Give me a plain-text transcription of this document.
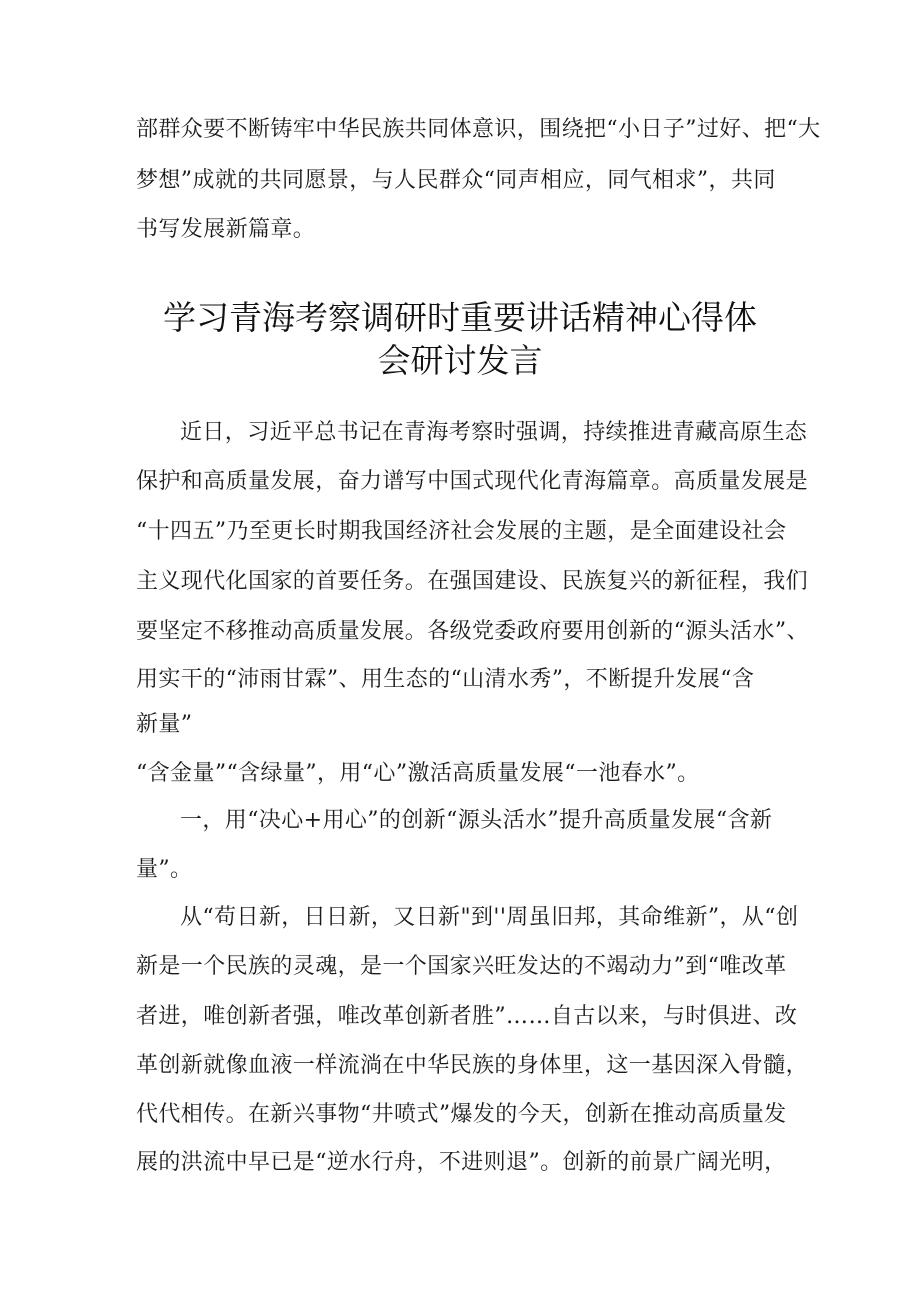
部群众要不断铸牢中华民族共同体意识，围绕把“小日子”过好、把“大
梦想”成就的共同愿景，与人民群众“同声相应，同气相求”，共同
书写发展新篇章。
学习青海考察调研时重要讲话精神心得体
会研讨发言
近日，习近平总书记在青海考察时强调，持续推进青藏高原生态
保护和高质量发展，奋力谱写中国式现代化青海篇章。高质量发展是
“十四五”乃至更长时期我国经济社会发展的主题，是全面建设社会
主义现代化国家的首要任务。在强国建设、民族复兴的新征程，我们
要坚定不移推动高质量发展。各级党委政府要用创新的“源头活水”、
用实干的“沛雨甘霖”、用生态的“山清水秀”，不断提升发展“含
新量”
“含金量”“含绿量”，用“心”激活高质量发展“一池春水”。
一，用“决心+用心”的创新“源头活水”提升高质量发展“含新
量”。
从“苟日新，日日新，又日新"到''周虽旧邦，其命维新”，从“创
新是一个民族的灵魂，是一个国家兴旺发达的不竭动力”到“唯改革
者进，唯创新者强，唯改革创新者胜”……自古以来，与时俱进、改
革创新就像血液一样流淌在中华民族的身体里，这一基因深入骨髓，
代代相传。在新兴事物“井喷式”爆发的今天，创新在推动高质量发
展的洪流中早已是“逆水行舟，不进则退”。创新的前景广阔光明，
